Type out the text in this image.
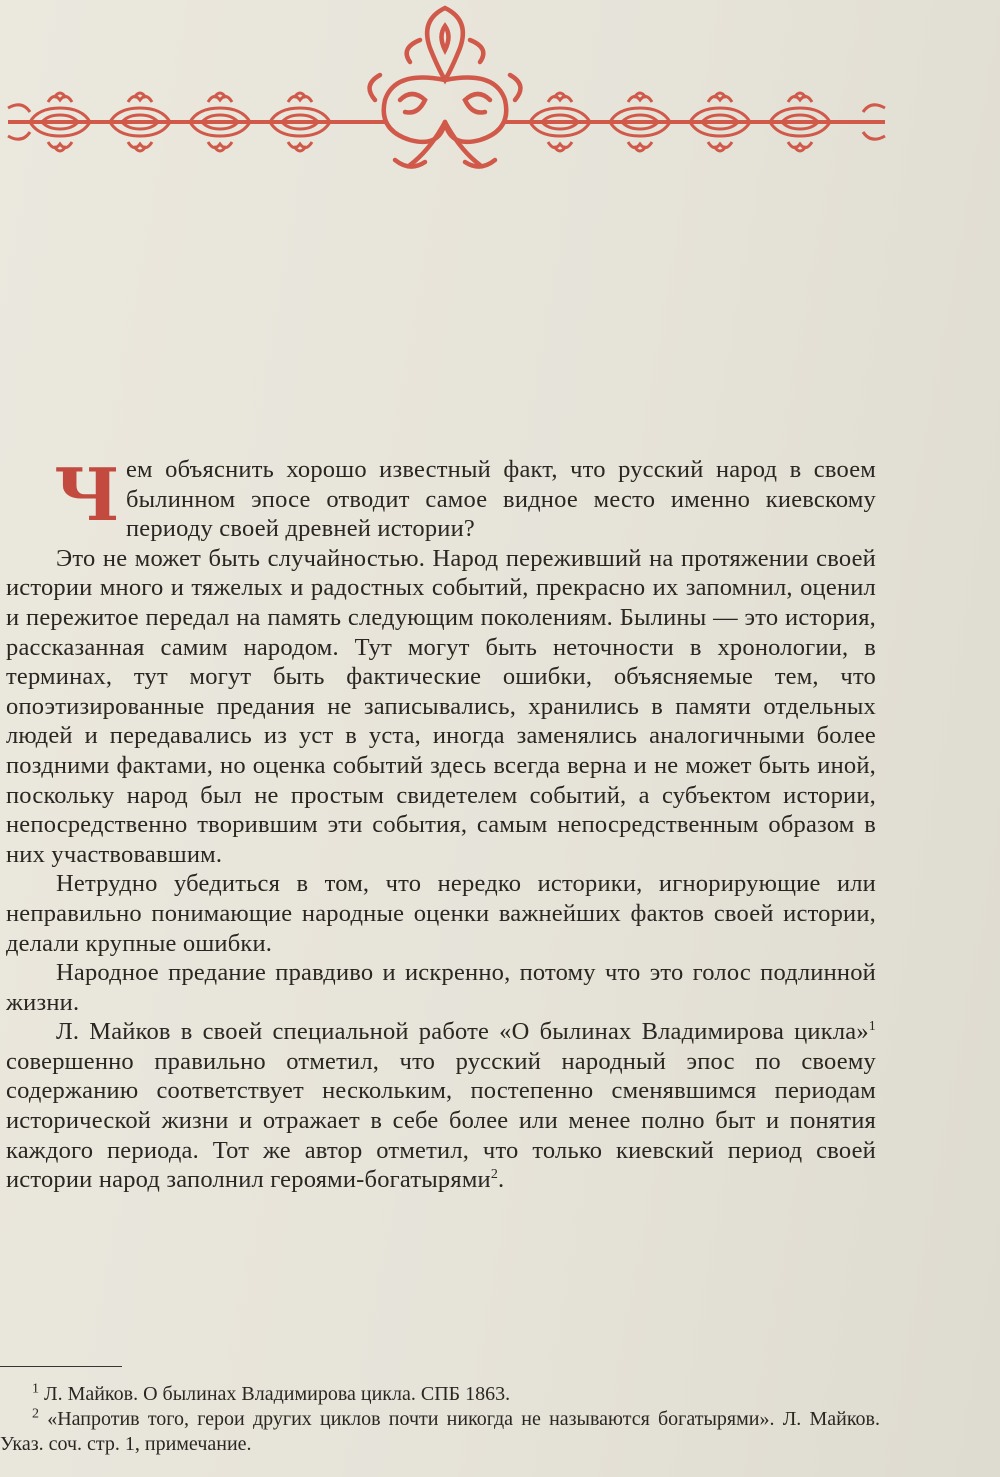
Чем объяснить хорошо известный факт, что русский народ в своем былинном эпосе отводит самое видное место именно киевскому периоду своей древней истории?

Это не может быть случайностью. Народ переживший на протяжении своей истории много и тяжелых и радостных событий, прекрасно их запомнил, оценил и пережитое передал на память следующим поколениям. Былины — это история, рассказанная самим народом. Тут могут быть неточности в хронологии, в терминах, тут могут быть фактические ошибки, объясняемые тем, что опоэтизированные предания не записывались, хранились в памяти отдельных людей и передавались из уст в уста, иногда заменялись аналогичными более поздними фактами, но оценка событий здесь всегда верна и не может быть иной, поскольку народ был не простым свидетелем событий, а субъектом истории, непосредственно творившим эти события, самым непосредственным образом в них участвовавшим.

Нетрудно убедиться в том, что нередко историки, игнорирующие или неправильно понимающие народные оценки важнейших фактов своей истории, делали крупные ошибки.

Народное предание правдиво и искренно, потому что это голос подлинной жизни.

Л. Майков в своей специальной работе «О былинах Владимирова цикла»$^1$ совершенно правильно отметил, что русский народный эпос по своему содержанию соответствует нескольким, постепенно сменявшимся периодам исторической жизни и отражает в себе более или менее полно быт и понятия каждого периода. Тот же автор отметил, что только киевский период своей истории народ заполнил героями-богатырями$^2$.

$^1$ Л. Майков. О былинах Владимирова цикла. СПБ 1863.

$^2$ «Напротив того, герои других циклов почти никогда не называются богатырями». Л. Майков. Указ. соч. стр. 1, примечание.
